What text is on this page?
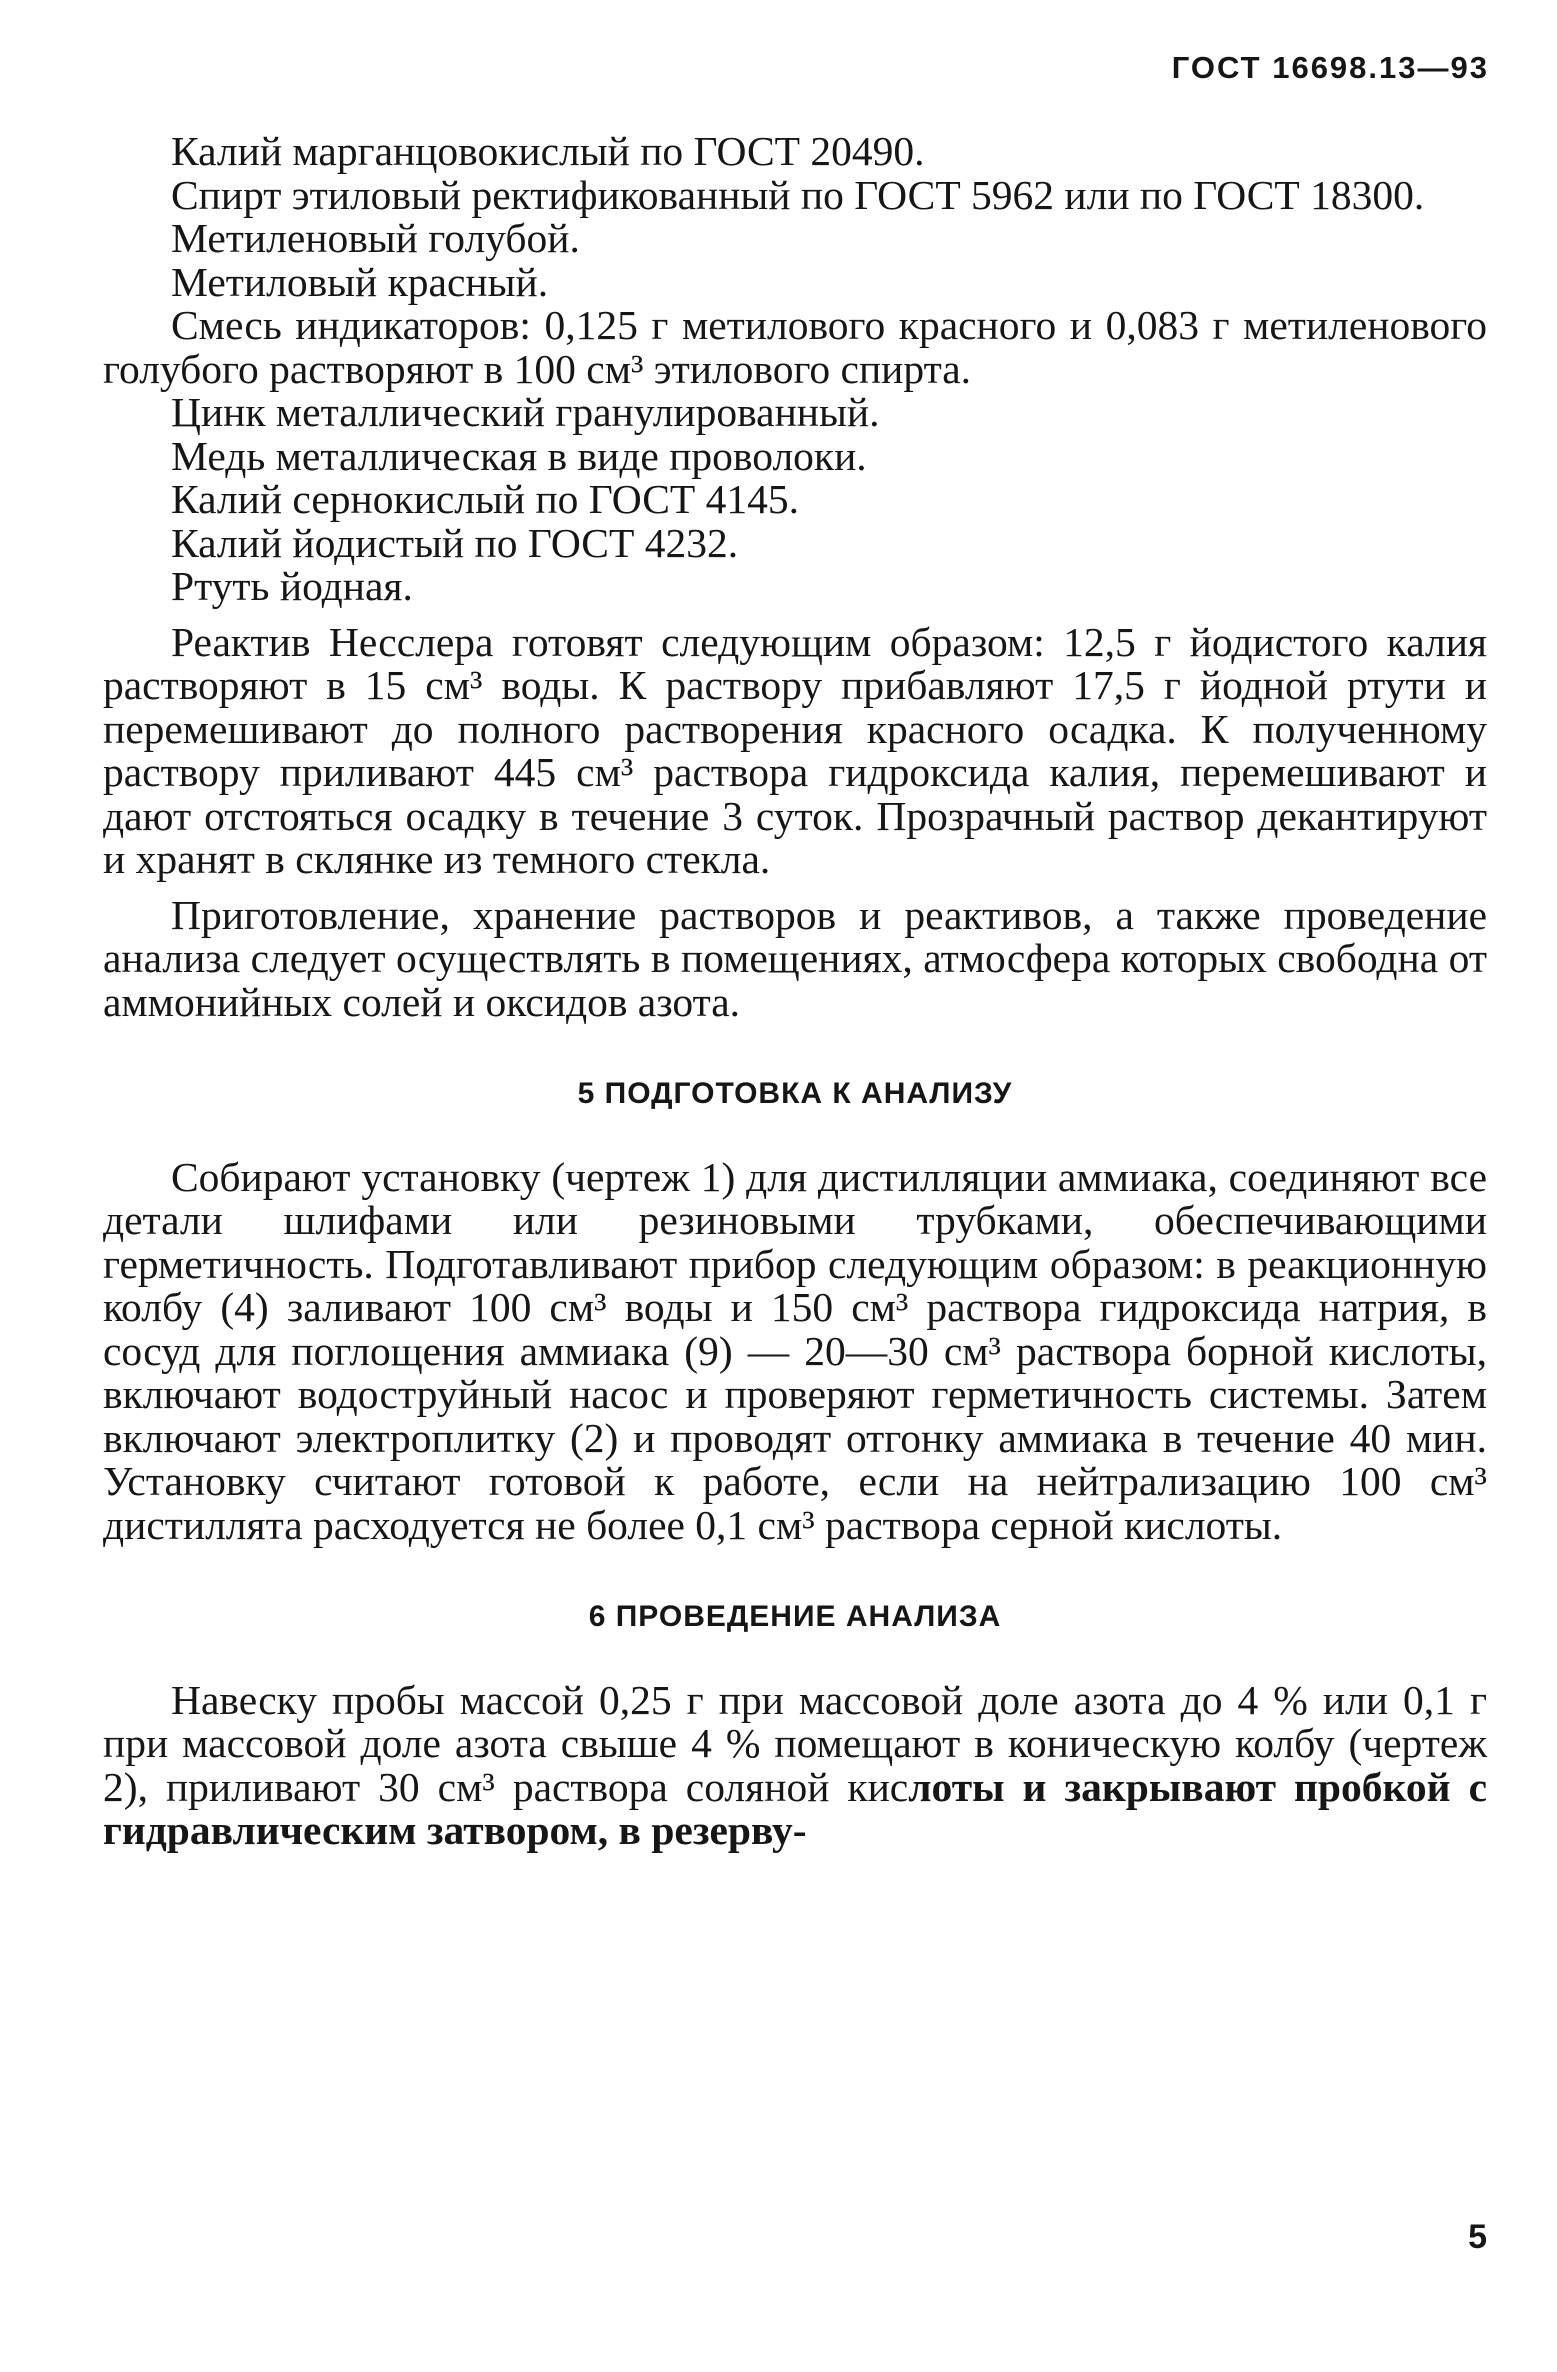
ГОСТ 16698.13—93

Калий марганцовокислый по ГОСТ 20490.

Спирт этиловый ректификованный по ГОСТ 5962 или по ГОСТ 18300.

Метиленовый голубой.

Метиловый красный.

Смесь индикаторов: 0,125 г метилового красного и 0,083 г метиленового голубого растворяют в 100 см³ этилового спирта.

Цинк металлический гранулированный.

Медь металлическая в виде проволоки.

Калий сернокислый по ГОСТ 4145.

Калий йодистый по ГОСТ 4232.

Ртуть йодная.

Реактив Несслера готовят следующим образом: 12,5 г йодистого калия растворяют в 15 см³ воды. К раствору прибавляют 17,5 г йодной ртути и перемешивают до полного растворения красного осадка. К полученному раствору приливают 445 см³ раствора гидроксида калия, перемешивают и дают отстояться осадку в течение 3 суток. Прозрачный раствор декантируют и хранят в склянке из темного стекла.

Приготовление, хранение растворов и реактивов, а также проведение анализа следует осуществлять в помещениях, атмосфера которых свободна от аммонийных солей и оксидов азота.

5 ПОДГОТОВКА К АНАЛИЗУ

Собирают установку (чертеж 1) для дистилляции аммиака, соединяют все детали шлифами или резиновыми трубками, обеспечивающими герметичность. Подготавливают прибор следующим образом: в реакционную колбу (4) заливают 100 см³ воды и 150 см³ раствора гидроксида натрия, в сосуд для поглощения аммиака (9) — 20—30 см³ раствора борной кислоты, включают водоструйный насос и проверяют герметичность системы. Затем включают электроплитку (2) и проводят отгонку аммиака в течение 40 мин. Установку считают готовой к работе, если на нейтрализацию 100 см³ дистиллята расходуется не более 0,1 см³ раствора серной кислоты.

6 ПРОВЕДЕНИЕ АНАЛИЗА

Навеску пробы массой 0,25 г при массовой доле азота до 4 % или 0,1 г при массовой доле азота свыше 4 % помещают в коническую колбу (чертеж 2), приливают 30 см³ раствора соляной кислоты и закрывают пробкой с гидравлическим затвором, в резерву-

5
